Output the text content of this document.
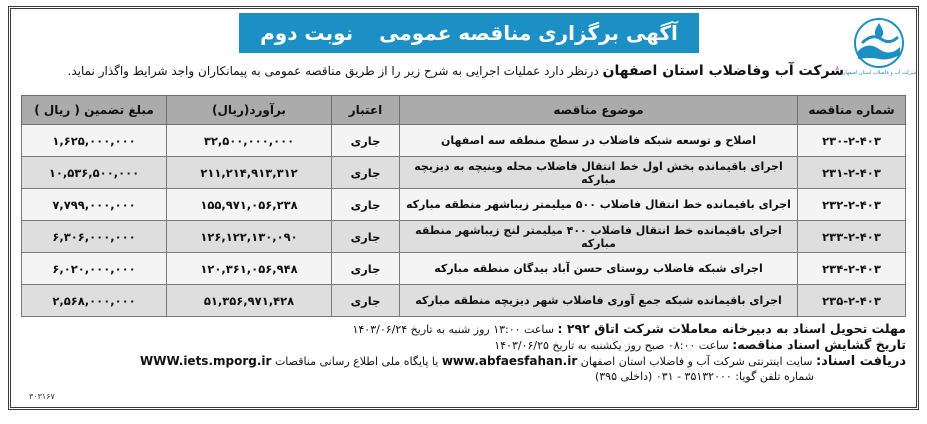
شرکت آب و فاضلاب استان اصفهان
آگهی برگزاری مناقصه عمومی
نوبت دوم
شرکت آب وفاضلاب استان اصفهان درنظر دارد عملیات اجرایی به شرح زیر را از طریق مناقصه عمومی به پیمانکاران واجد شرایط واگذار نماید.
شماره مناقصه	موضوع مناقصه	اعتبار	برآورد(ریال)	مبلغ تضمین ( ریال )
۲۳۰-۲-۴۰۳	اصلاح و توسعه شبکه فاضلاب در سطح منطقه سه اصفهان	جاری	۳۲,۵۰۰,۰۰۰,۰۰۰	۱,۶۲۵,۰۰۰,۰۰۰
۲۳۱-۲-۴۰۳	اجرای باقیمانده بخش اول خط انتقال فاضلاب محله وینیچه به دیزیچه مبارکه	جاری	۲۱۱,۲۱۴,۹۱۳,۳۱۲	۱۰,۵۳۶,۵۰۰,۰۰۰
۲۳۲-۲-۴۰۳	اجرای باقیمانده خط انتقال فاضلاب ۵۰۰ میلیمتر زیباشهر منطقه مبارکه	جاری	۱۵۵,۹۷۱,۰۵۶,۲۳۸	۷,۷۹۹,۰۰۰,۰۰۰
۲۳۳-۲-۴۰۳	اجرای باقیمانده خط انتقال فاضلاب ۴۰۰ میلیمتر لنج زیباشهر منطقه مبارکه	جاری	۱۲۶,۱۲۲,۱۳۰,۰۹۰	۶,۳۰۶,۰۰۰,۰۰۰
۲۳۴-۲-۴۰۳	اجرای شبکه فاضلاب روستای حسن آباد بیدگان منطقه مبارکه	جاری	۱۲۰,۳۶۱,۰۵۶,۹۴۸	۶,۰۲۰,۰۰۰,۰۰۰
۲۳۵-۲-۴۰۳	اجرای باقیمانده شبکه جمع آوری فاضلاب شهر دیزیچه منطقه مبارکه	جاری	۵۱,۳۵۶,۹۷۱,۴۲۸	۲,۵۶۸,۰۰۰,۰۰۰
مهلت تحویل اسناد به دبیرخانه معاملات شرکت اتاق ۲۹۲ : ساعت ۱۳:۰۰ روز شنبه به تاریخ ۱۴۰۳/۰۶/۲۴
تاریخ گشایش اسناد مناقصه: ساعت ۰۸:۰۰ صبح روز یکشنبه به تاریخ ۱۴۰۳/۰۶/۲۵
دریافت اسناد: سایت اینترنتی شرکت آب و فاضلاب استان اصفهان www.abfaesfahan.ir یا پایگاه ملی اطلاع رسانی مناقصات WWW.iets.mporg.ir
شماره تلفن گویا: ۳۵۱۳۲۰۰۰ - ۰۳۱ (داخلی ۳۹۵)
۳۰۳۱۶۷
